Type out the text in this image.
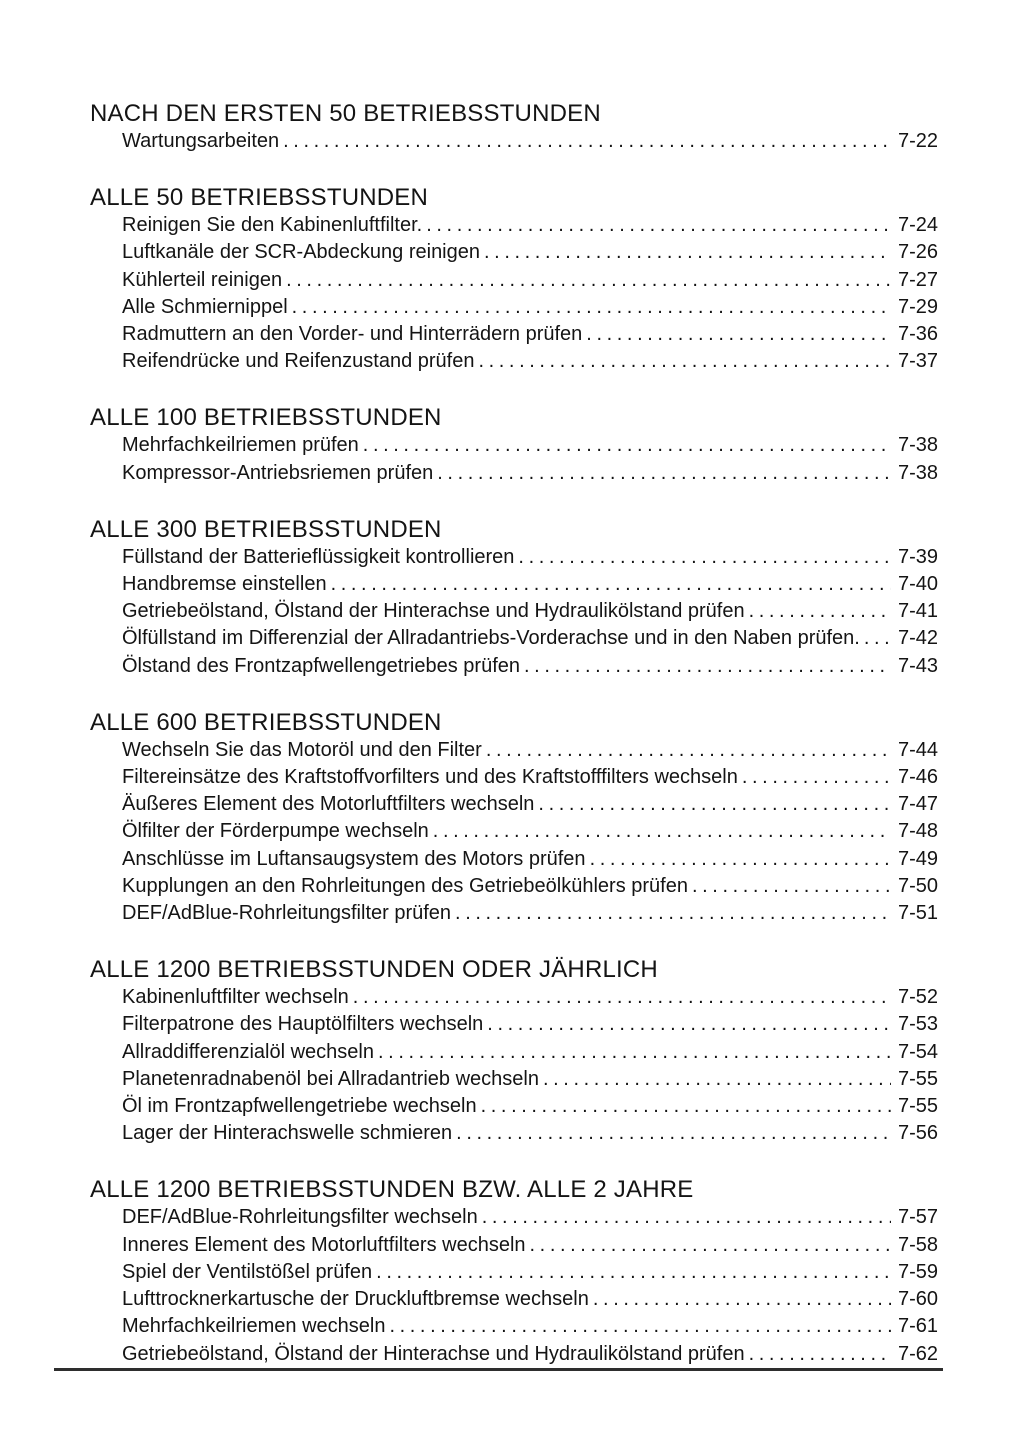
NACH DEN ERSTEN 50 BETRIEBSSTUNDEN
Wartungsarbeiten .....	7-22
ALLE 50 BETRIEBSSTUNDEN
Reinigen Sie den Kabinenluftfilter. .....	7-24
Luftkanäle der SCR-Abdeckung reinigen .....	7-26
Kühlerteil reinigen .....	7-27
Alle Schmiernippel .....	7-29
Radmuttern an den Vorder- und Hinterrädern prüfen .....	7-36
Reifendrücke und Reifenzustand prüfen .....	7-37
ALLE 100 BETRIEBSSTUNDEN
Mehrfachkeilriemen prüfen .....	7-38
Kompressor-Antriebsriemen prüfen .....	7-38
ALLE 300 BETRIEBSSTUNDEN
Füllstand der Batterieflüssigkeit kontrollieren .....	7-39
Handbremse einstellen .....	7-40
Getriebeölstand, Ölstand der Hinterachse und Hydraulikölstand prüfen .....	7-41
Ölfüllstand im Differenzial der Allradantriebs-Vorderachse und in den Naben prüfen. ..... 7-42
Ölstand des Frontzapfwellengetriebes prüfen .....	7-43
ALLE 600 BETRIEBSSTUNDEN
Wechseln Sie das Motoröl und den Filter .....	7-44
Filtereinsätze des Kraftstoffvorfilters und des Kraftstofffilters wechseln .....	7-46
Äußeres Element des Motorluftfilters wechseln .....	7-47
Ölfilter der Förderpumpe wechseln .....	7-48
Anschlüsse im Luftansaugsystem des Motors prüfen .....	7-49
Kupplungen an den Rohrleitungen des Getriebeölkühlers prüfen .....	7-50
DEF/AdBlue-Rohrleitungsfilter prüfen .....	7-51
ALLE 1200 BETRIEBSSTUNDEN ODER JÄHRLICH
Kabinenluftfilter wechseln .....	7-52
Filterpatrone des Hauptölfilters wechseln .....	7-53
Allraddifferenzialöl wechseln .....	7-54
Planetenradnabenöl bei Allradantrieb wechseln .....	7-55
Öl im Frontzapfwellengetriebe wechseln .....	7-55
Lager der Hinterachswelle schmieren .....	7-56
ALLE 1200 BETRIEBSSTUNDEN BZW. ALLE 2 JAHRE
DEF/AdBlue-Rohrleitungsfilter wechseln .....	7-57
Inneres Element des Motorluftfilters wechseln .....	7-58
Spiel der Ventilstößel prüfen .....	7-59
Lufttrocknerkartusche der Druckluftbremse wechseln .....	7-60
Mehrfachkeilriemen wechseln .....	7-61
Getriebeölstand, Ölstand der Hinterachse und Hydraulikölstand prüfen .....	7-62
